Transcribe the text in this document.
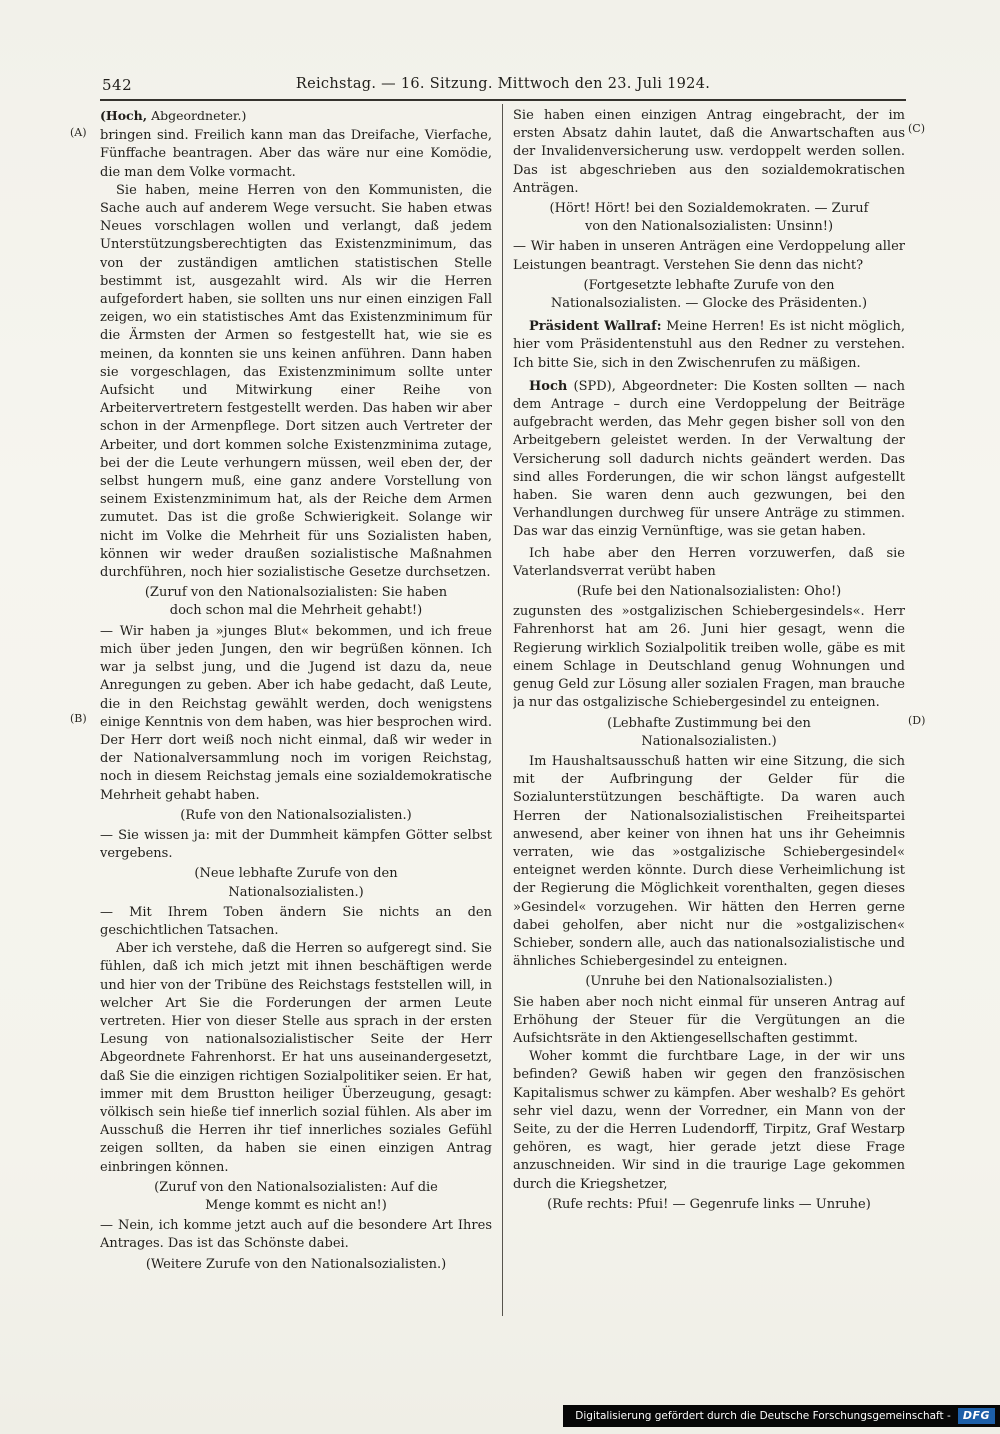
542	Reichstag. — 16. Sitzung. Mittwoch den 23. Juli 1924.
(A)
(B)
(C)
(D)

(Hoch, Abgeordneter.)

bringen sind. Freilich kann man das Dreifache, Vierfache, Fünffache beantragen. Aber das wäre nur eine Komödie, die man dem Volke vormacht.

Sie haben, meine Herren von den Kommunisten, die Sache auch auf anderem Wege versucht. Sie haben etwas Neues vorschlagen wollen und verlangt, daß jedem Unterstützungsberechtigten das Existenzminimum, das von der zuständigen amtlichen statistischen Stelle bestimmt ist, ausgezahlt wird. Als wir die Herren aufgefordert haben, sie sollten uns nur einen einzigen Fall zeigen, wo ein statistisches Amt das Existenzminimum für die Ärmsten der Armen so festgestellt hat, wie sie es meinen, da konnten sie uns keinen anführen. Dann haben sie vorgeschlagen, das Existenzminimum sollte unter Aufsicht und Mitwirkung einer Reihe von Arbeitervertretern festgestellt werden. Das haben wir aber schon in der Armenpflege. Dort sitzen auch Vertreter der Arbeiter, und dort kommen solche Existenzminima zutage, bei der die Leute verhungern müssen, weil eben der, der selbst hungern muß, eine ganz andere Vorstellung von seinem Existenzminimum hat, als der Reiche dem Armen zumutet. Das ist die große Schwierigkeit. Solange wir nicht im Volke die Mehrheit für uns Sozialisten haben, können wir weder draußen sozialistische Maßnahmen durchführen, noch hier sozialistische Gesetze durchsetzen.

(Zuruf von den Nationalsozialisten: Sie haben doch schon mal die Mehrheit gehabt!)

— Wir haben ja »junges Blut« bekommen, und ich freue mich über jeden Jungen, den wir begrüßen können. Ich war ja selbst jung, und die Jugend ist dazu da, neue Anregungen zu geben. Aber ich habe gedacht, daß Leute, die in den Reichstag gewählt werden, doch wenigstens einige Kenntnis von dem haben, was hier besprochen wird. Der Herr dort weiß noch nicht einmal, daß wir weder in der Nationalversammlung noch im vorigen Reichstag, noch in diesem Reichstag jemals eine sozialdemokratische Mehrheit gehabt haben.

(Rufe von den Nationalsozialisten.)

— Sie wissen ja: mit der Dummheit kämpfen Götter selbst vergebens.

(Neue lebhafte Zurufe von den Nationalsozialisten.)

— Mit Ihrem Toben ändern Sie nichts an den geschichtlichen Tatsachen.

Aber ich verstehe, daß die Herren so aufgeregt sind. Sie fühlen, daß ich mich jetzt mit ihnen beschäftigen werde und hier von der Tribüne des Reichstags feststellen will, in welcher Art Sie die Forderungen der armen Leute vertreten. Hier von dieser Stelle aus sprach in der ersten Lesung von nationalsozialistischer Seite der Herr Abgeordnete Fahrenhorst. Er hat uns auseinandergesetzt, daß Sie die einzigen richtigen Sozialpolitiker seien. Er hat, immer mit dem Brustton heiliger Überzeugung, gesagt: völkisch sein hieße tief innerlich sozial fühlen. Als aber im Ausschuß die Herren ihr tief innerliches soziales Gefühl zeigen sollten, da haben sie einen einzigen Antrag einbringen können.

(Zuruf von den Nationalsozialisten: Auf die Menge kommt es nicht an!)

— Nein, ich komme jetzt auch auf die besondere Art Ihres Antrages. Das ist das Schönste dabei.

(Weitere Zurufe von den Nationalsozialisten.)

Sie haben einen einzigen Antrag eingebracht, der im ersten Absatz dahin lautet, daß die Anwartschaften aus der Invalidenversicherung usw. verdoppelt werden sollen. Das ist abgeschrieben aus den sozialdemokratischen Anträgen.

(Hört! Hört! bei den Sozialdemokraten. — Zuruf von den Nationalsozialisten: Unsinn!)

— Wir haben in unseren Anträgen eine Verdoppelung aller Leistungen beantragt. Verstehen Sie denn das nicht?

(Fortgesetzte lebhafte Zurufe von den Nationalsozialisten. — Glocke des Präsidenten.)

Präsident Wallraf: Meine Herren! Es ist nicht möglich, hier vom Präsidentenstuhl aus den Redner zu verstehen. Ich bitte Sie, sich in den Zwischenrufen zu mäßigen.

Hoch (SPD), Abgeordneter: Die Kosten sollten — nach dem Antrage – durch eine Verdoppelung der Beiträge aufgebracht werden, das Mehr gegen bisher soll von den Arbeitgebern geleistet werden. In der Verwaltung der Versicherung soll dadurch nichts geändert werden. Das sind alles Forderungen, die wir schon längst aufgestellt haben. Sie waren denn auch gezwungen, bei den Verhandlungen durchweg für unsere Anträge zu stimmen. Das war das einzig Vernünftige, was sie getan haben.

Ich habe aber den Herren vorzuwerfen, daß sie Vaterlandsverrat verübt haben

(Rufe bei den Nationalsozialisten: Oho!)

zugunsten des »ostgalizischen Schiebergesindels«. Herr Fahrenhorst hat am 26. Juni hier gesagt, wenn die Regierung wirklich Sozialpolitik treiben wolle, gäbe es mit einem Schlage in Deutschland genug Wohnungen und genug Geld zur Lösung aller sozialen Fragen, man brauche ja nur das ostgalizische Schiebergesindel zu enteignen.

(Lebhafte Zustimmung bei den Nationalsozialisten.)

Im Haushaltsausschuß hatten wir eine Sitzung, die sich mit der Aufbringung der Gelder für die Sozialunterstützungen beschäftigte. Da waren auch Herren der Nationalsozialistischen Freiheitspartei anwesend, aber keiner von ihnen hat uns ihr Geheimnis verraten, wie das »ostgalizische Schiebergesindel« enteignet werden könnte. Durch diese Verheimlichung ist der Regierung die Möglichkeit vorenthalten, gegen dieses »Gesindel« vorzugehen. Wir hätten den Herren gerne dabei geholfen, aber nicht nur die »ostgalizischen« Schieber, sondern alle, auch das nationalsozialistische und ähnliches Schiebergesindel zu enteignen.

(Unruhe bei den Nationalsozialisten.)

Sie haben aber noch nicht einmal für unseren Antrag auf Erhöhung der Steuer für die Vergütungen an die Aufsichtsräte in den Aktiengesellschaften gestimmt.

Woher kommt die furchtbare Lage, in der wir uns befinden? Gewiß haben wir gegen den französischen Kapitalismus schwer zu kämpfen. Aber weshalb? Es gehört sehr viel dazu, wenn der Vorredner, ein Mann von der Seite, zu der die Herren Ludendorff, Tirpitz, Graf Westarp gehören, es wagt, hier gerade jetzt diese Frage anzuschneiden. Wir sind in die traurige Lage gekommen durch die Kriegshetzer,

(Rufe rechts: Pfui! — Gegenrufe links — Unruhe)

Digitalisierung gefördert durch die Deutsche Forschungsgemeinschaft -	DFG
